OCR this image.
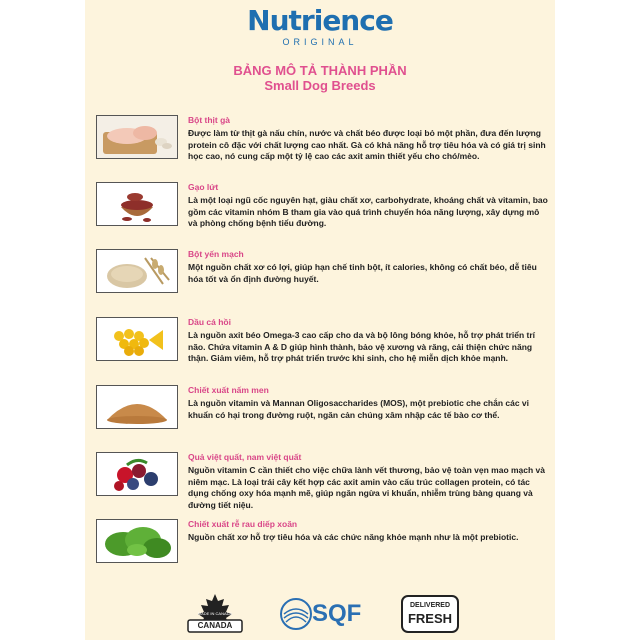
Nutrience
ORIGINAL
BẢNG MÔ TẢ THÀNH PHẦN
Small Dog Breeds
Bột thịt gà
Được làm từ thịt gà nấu chín, nước và chất béo được loại bỏ một phần, đưa đến lượng protein cô đặc với chất lượng cao nhất. Gà có khả năng hỗ trợ tiêu hóa và có giá trị sinh học cao, nó cung cấp một tỷ lệ cao các axit amin thiết yếu cho chó/mèo.
Gạo lứt
Là một loại ngũ cốc nguyên hạt, giàu chất xơ, carbohydrate, khoáng chất và vitamin, bao gồm các vitamin nhóm B tham gia vào quá trình chuyển hóa năng lượng, xây dựng mô và phòng chống bệnh tiểu đường.
Bột yến mạch
Một nguồn chất xơ có lợi, giúp hạn chế tinh bột, ít calories, không có chất béo, dễ tiêu hóa tốt và ổn định đường huyết.
Dầu cá hồi
Là nguồn axit béo Omega-3 cao cấp cho da và bộ lông bóng khỏe, hỗ trợ phát triển trí não. Chứa vitamin A & D giúp hình thành, bảo vệ xương và răng, cải thiện chức năng thận. Giảm viêm, hỗ trợ phát triển trước khi sinh, cho hệ miễn dịch khỏe mạnh.
Chiết xuất nấm men
Là nguồn vitamin và Mannan Oligosaccharides (MOS), một prebiotic che chắn các vi khuẩn có hại trong đường ruột, ngăn cản chúng xâm nhập các tế bào cơ thể.
Quả việt quất, nam việt quất
Nguồn vitamin C cần thiết cho việc chữa lành vết thương, bảo vệ toàn vẹn mao mạch và niêm mạc. Là loại trái cây kết hợp các axit amin vào cấu trúc collagen protein, có tác dụng chống oxy hóa mạnh mẽ, giúp ngăn ngừa vi khuẩn, nhiễm trùng bàng quang và đường tiết niệu.
Chiết xuất rễ rau diếp xoăn
Nguồn chất xơ hỗ trợ tiêu hóa và các chức năng khỏe mạnh như là một prebiotic.
CANADA
MADE IN CANADA	SQF	DELIVERED
FRESH
